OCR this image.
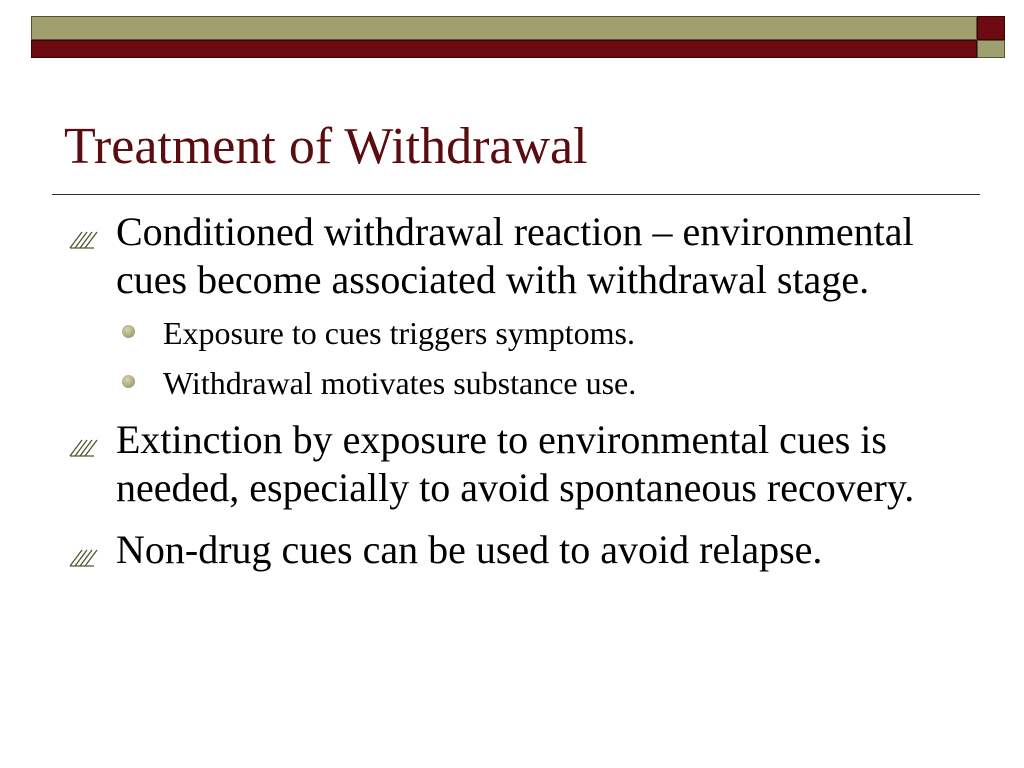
Treatment of Withdrawal
Conditioned withdrawal reaction – environmental cues become associated with withdrawal stage.
Exposure to cues triggers symptoms.
Withdrawal motivates substance use.
Extinction by exposure to environmental cues is needed, especially to avoid spontaneous recovery.
Non-drug cues can be used to avoid relapse.
